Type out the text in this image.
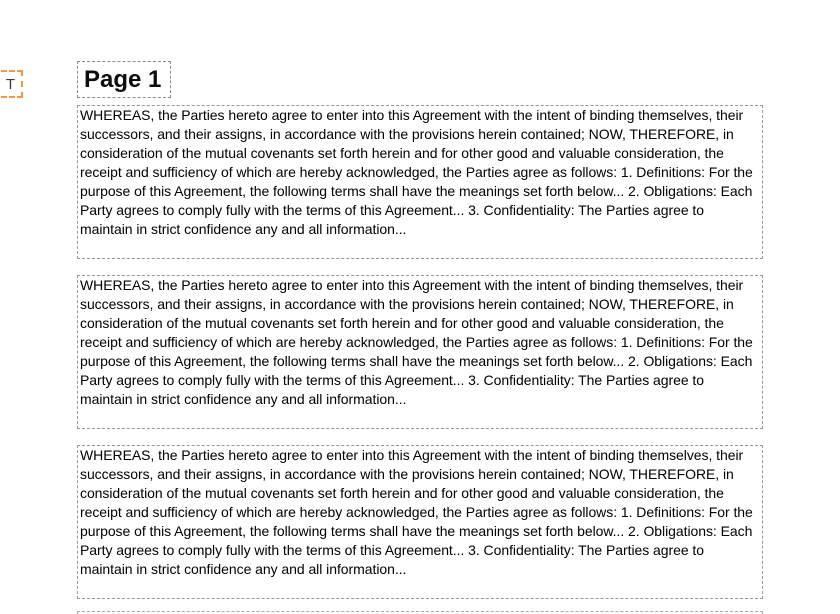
T	Page 1
WHEREAS, the Parties hereto agree to enter into this Agreement with the intent of binding themselves, their successors, and their assigns, in accordance with the provisions herein contained; NOW, THEREFORE, in consideration of the mutual covenants set forth herein and for other good and valuable consideration, the receipt and sufficiency of which are hereby acknowledged, the Parties agree as follows: 1. Definitions: For the purpose of this Agreement, the following terms shall have the meanings set forth below... 2. Obligations: Each Party agrees to comply fully with the terms of this Agreement... 3. Confidentiality: The Parties agree to maintain in strict confidence any and all information...
WHEREAS, the Parties hereto agree to enter into this Agreement with the intent of binding themselves, their successors, and their assigns, in accordance with the provisions herein contained; NOW, THEREFORE, in consideration of the mutual covenants set forth herein and for other good and valuable consideration, the receipt and sufficiency of which are hereby acknowledged, the Parties agree as follows: 1. Definitions: For the purpose of this Agreement, the following terms shall have the meanings set forth below... 2. Obligations: Each Party agrees to comply fully with the terms of this Agreement... 3. Confidentiality: The Parties agree to maintain in strict confidence any and all information...
WHEREAS, the Parties hereto agree to enter into this Agreement with the intent of binding themselves, their successors, and their assigns, in accordance with the provisions herein contained; NOW, THEREFORE, in consideration of the mutual covenants set forth herein and for other good and valuable consideration, the receipt and sufficiency of which are hereby acknowledged, the Parties agree as follows: 1. Definitions: For the purpose of this Agreement, the following terms shall have the meanings set forth below... 2. Obligations: Each Party agrees to comply fully with the terms of this Agreement... 3. Confidentiality: The Parties agree to maintain in strict confidence any and all information...
